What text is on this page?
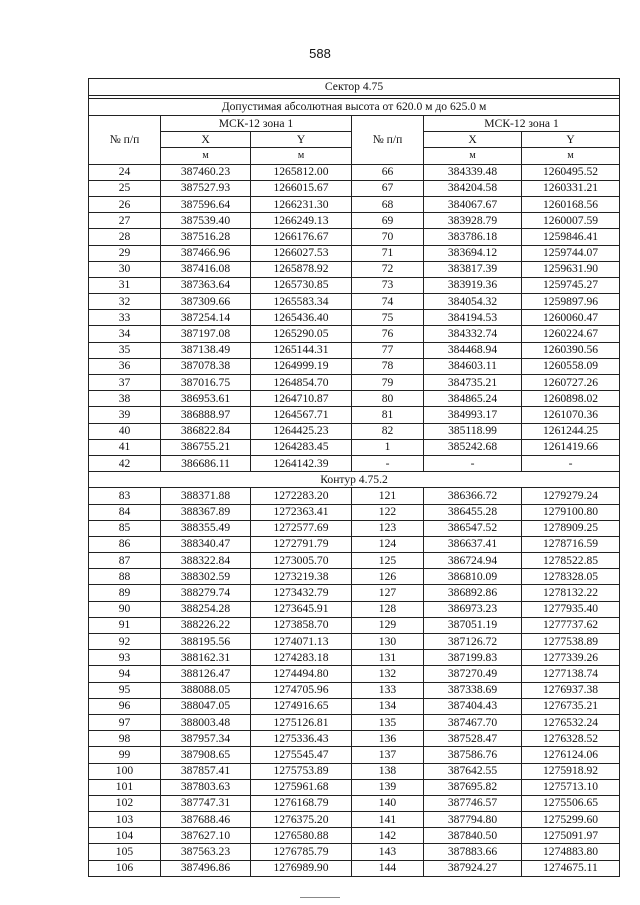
588
Сектор 4.75					

Допустимая абсолютная высота от 620.0 м до 625.0 м					
№ п/п	МСК-12 зона 1		№ п/п	МСК-12 зона 1	
	X	Y		X	Y
	м	м		м	м
24	387460.23	1265812.00	66	384339.48	1260495.52
25	387527.93	1266015.67	67	384204.58	1260331.21
26	387596.64	1266231.30	68	384067.67	1260168.56
27	387539.40	1266249.13	69	383928.79	1260007.59
28	387516.28	1266176.67	70	383786.18	1259846.41
29	387466.96	1266027.53	71	383694.12	1259744.07
30	387416.08	1265878.92	72	383817.39	1259631.90
31	387363.64	1265730.85	73	383919.36	1259745.27
32	387309.66	1265583.34	74	384054.32	1259897.96
33	387254.14	1265436.40	75	384194.53	1260060.47
34	387197.08	1265290.05	76	384332.74	1260224.67
35	387138.49	1265144.31	77	384468.94	1260390.56
36	387078.38	1264999.19	78	384603.11	1260558.09
37	387016.75	1264854.70	79	384735.21	1260727.26
38	386953.61	1264710.87	80	384865.24	1260898.02
39	386888.97	1264567.71	81	384993.17	1261070.36
40	386822.84	1264425.23	82	385118.99	1261244.25
41	386755.21	1264283.45	1	385242.68	1261419.66
42	386686.11	1264142.39	-	-	-
Контур 4.75.2					
83	388371.88	1272283.20	121	386366.72	1279279.24
84	388367.89	1272363.41	122	386455.28	1279100.80
85	388355.49	1272577.69	123	386547.52	1278909.25
86	388340.47	1272791.79	124	386637.41	1278716.59
87	388322.84	1273005.70	125	386724.94	1278522.85
88	388302.59	1273219.38	126	386810.09	1278328.05
89	388279.74	1273432.79	127	386892.86	1278132.22
90	388254.28	1273645.91	128	386973.23	1277935.40
91	388226.22	1273858.70	129	387051.19	1277737.62
92	388195.56	1274071.13	130	387126.72	1277538.89
93	388162.31	1274283.18	131	387199.83	1277339.26
94	388126.47	1274494.80	132	387270.49	1277138.74
95	388088.05	1274705.96	133	387338.69	1276937.38
96	388047.05	1274916.65	134	387404.43	1276735.21
97	388003.48	1275126.81	135	387467.70	1276532.24
98	387957.34	1275336.43	136	387528.47	1276328.52
99	387908.65	1275545.47	137	387586.76	1276124.06
100	387857.41	1275753.89	138	387642.55	1275918.92
101	387803.63	1275961.68	139	387695.82	1275713.10
102	387747.31	1276168.79	140	387746.57	1275506.65
103	387688.46	1276375.20	141	387794.80	1275299.60
104	387627.10	1276580.88	142	387840.50	1275091.97
105	387563.23	1276785.79	143	387883.66	1274883.80
106	387496.86	1276989.90	144	387924.27	1274675.11
